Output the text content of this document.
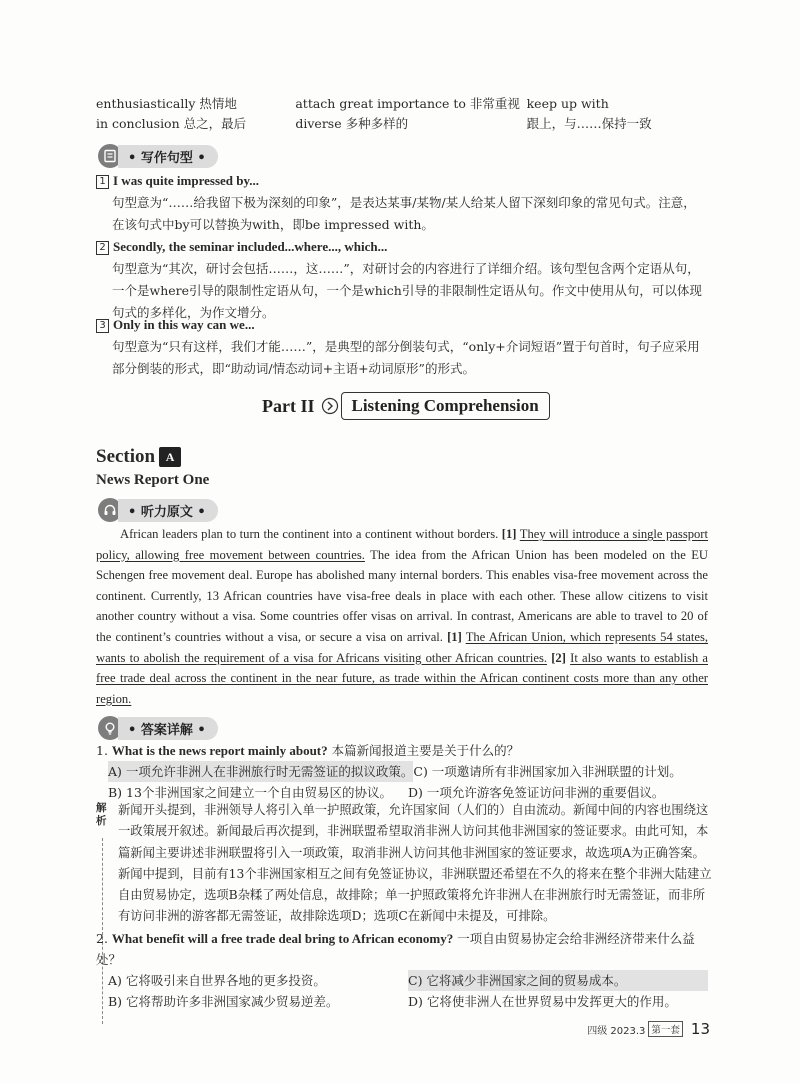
enthusiastically 热情地	attach great importance to 非常重视 keep up with
in conclusion 总之，最后	diverse 多种多样的	跟上，与……保持一致
• 写作句型 •
1 I was quite impressed by...
句型意为“……给我留下极为深刻的印象”，是表达某事/某物/某人给某人留下深刻印象的常见句式。注意，在该句式中by可以替换为with，即be impressed with。
2 Secondly, the seminar included...where..., which...
句型意为“其次，研讨会包括……，这……”，对研讨会的内容进行了详细介绍。该句型包含两个定语从句，一个是where引导的限制性定语从句，一个是which引导的非限制性定语从句。作文中使用从句，可以体现句式的多样化，为作文增分。
3 Only in this way can we...
句型意为“只有这样，我们才能……”，是典型的部分倒装句式，“only+介词短语”置于句首时，句子应采用部分倒装的形式，即“助动词/情态动词+主语+动词原形”的形式。
Part II	Listening Comprehension
Section A
News Report One
• 听力原文 •
African leaders plan to turn the continent into a continent without borders. [1] They will introduce a single passport policy, allowing free movement between countries. The idea from the African Union has been modeled on the EU Schengen free movement deal. Europe has abolished many internal borders. This enables visa-free movement across the continent. Currently, 13 African countries have visa-free deals in place with each other. These allow citizens to visit another country without a visa. Some countries offer visas on arrival. In contrast, Americans are able to travel to 20 of the continent’s countries without a visa, or secure a visa on arrival. [1] The African Union, which represents 54 states, wants to abolish the requirement of a visa for Africans visiting other African countries. [2] It also wants to establish a free trade deal across the continent in the near future, as trade within the African continent costs more than any other region.
• 答案详解 •
1. What is the news report mainly about? 本篇新闻报道主要是关于什么的？
A) 一项允许非洲人在非洲旅行时无需签证的拟议政策。 C) 一项邀请所有非洲国家加入非洲联盟的计划。
B) 13个非洲国家之间建立一个自由贸易区的协议。	D) 一项允许游客免签证访问非洲的重要倡议。
解析
新闻开头提到，非洲领导人将引入单一护照政策，允许国家间（人们的）自由流动。新闻中间的内容也围绕这一政策展开叙述。新闻最后再次提到，非洲联盟希望取消非洲人访问其他非洲国家的签证要求。由此可知，本篇新闻主要讲述非洲联盟将引入一项政策，取消非洲人访问其他非洲国家的签证要求，故选项A为正确答案。新闻中提到，目前有13个非洲国家相互之间有免签证协议，非洲联盟还希望在不久的将来在整个非洲大陆建立自由贸易协定，选项B杂糅了两处信息，故排除；单一护照政策将允许非洲人在非洲旅行时无需签证，而非所有访问非洲的游客都无需签证，故排除选项D；选项C在新闻中未提及，可排除。
2. What benefit will a free trade deal bring to African economy? 一项自由贸易协定会给非洲经济带来什么益处？
A) 它将吸引来自世界各地的更多投资。	C) 它将减少非洲国家之间的贸易成本。
B) 它将帮助许多非洲国家减少贸易逆差。	D) 它将使非洲人在世界贸易中发挥更大的作用。
四级 2023.3 第一套 13
